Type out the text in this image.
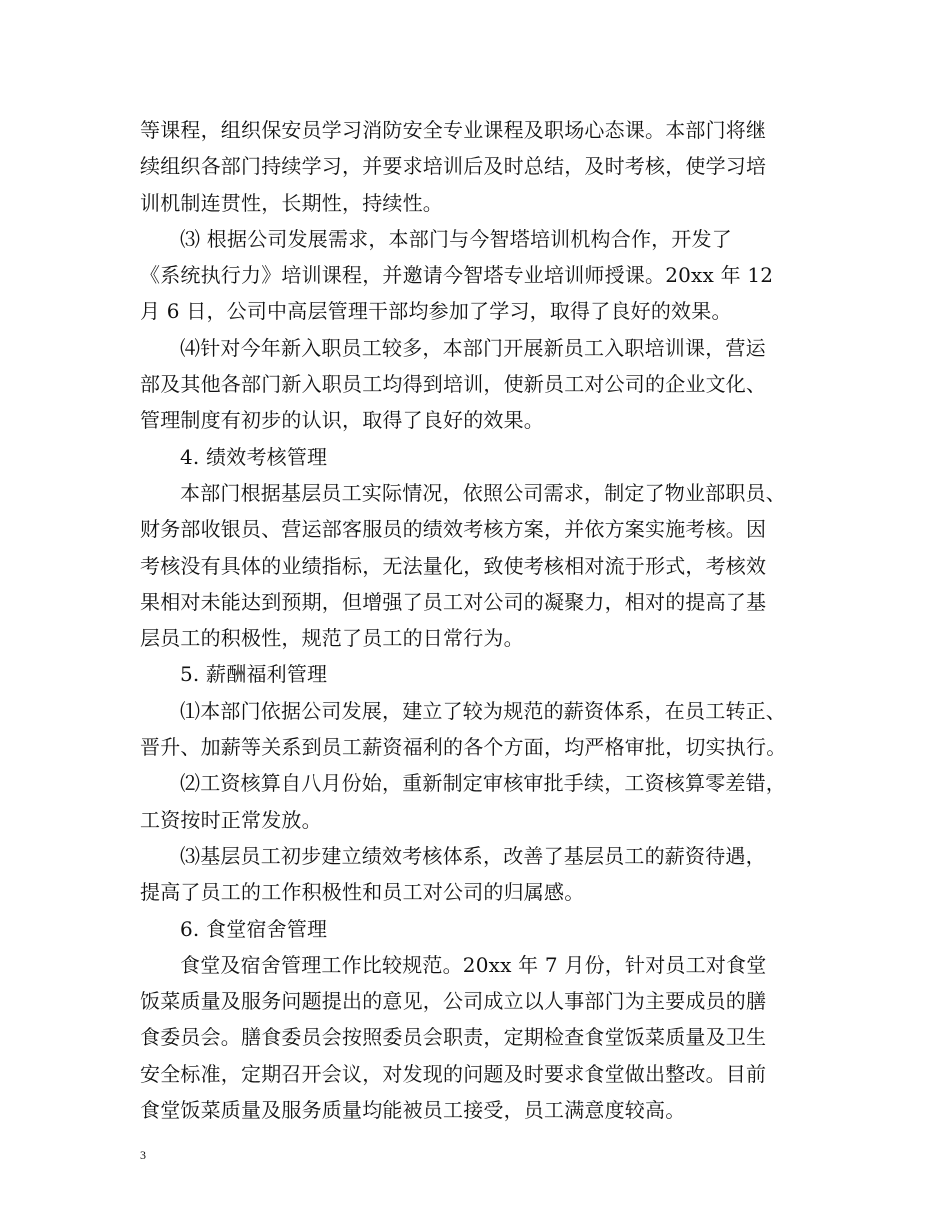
等课程，组织保安员学习消防安全专业课程及职场心态课。本部门将继
续组织各部门持续学习，并要求培训后及时总结，及时考核，使学习培
训机制连贯性，长期性，持续性。
⑶ 根据公司发展需求，本部门与今智塔培训机构合作，开发了
《系统执行力》培训课程，并邀请今智塔专业培训师授课。20xx 年 12
月 6 日，公司中高层管理干部均参加了学习，取得了良好的效果。
⑷针对今年新入职员工较多，本部门开展新员工入职培训课，营运
部及其他各部门新入职员工均得到培训，使新员工对公司的企业文化、
管理制度有初步的认识，取得了良好的效果。
4. 绩效考核管理
本部门根据基层员工实际情况，依照公司需求，制定了物业部职员、
财务部收银员、营运部客服员的绩效考核方案，并依方案实施考核。因
考核没有具体的业绩指标，无法量化，致使考核相对流于形式，考核效
果相对未能达到预期，但增强了员工对公司的凝聚力，相对的提高了基
层员工的积极性，规范了员工的日常行为。
5. 薪酬福利管理
⑴本部门依据公司发展，建立了较为规范的薪资体系，在员工转正、
晋升、加薪等关系到员工薪资福利的各个方面，均严格审批，切实执行。
⑵工资核算自八月份始，重新制定审核审批手续，工资核算零差错，
工资按时正常发放。
⑶基层员工初步建立绩效考核体系，改善了基层员工的薪资待遇，
提高了员工的工作积极性和员工对公司的归属感。
6. 食堂宿舍管理
食堂及宿舍管理工作比较规范。20xx 年 7 月份，针对员工对食堂
饭菜质量及服务问题提出的意见，公司成立以人事部门为主要成员的膳
食委员会。膳食委员会按照委员会职责，定期检查食堂饭菜质量及卫生
安全标准，定期召开会议，对发现的问题及时要求食堂做出整改。目前
食堂饭菜质量及服务质量均能被员工接受，员工满意度较高。
3
